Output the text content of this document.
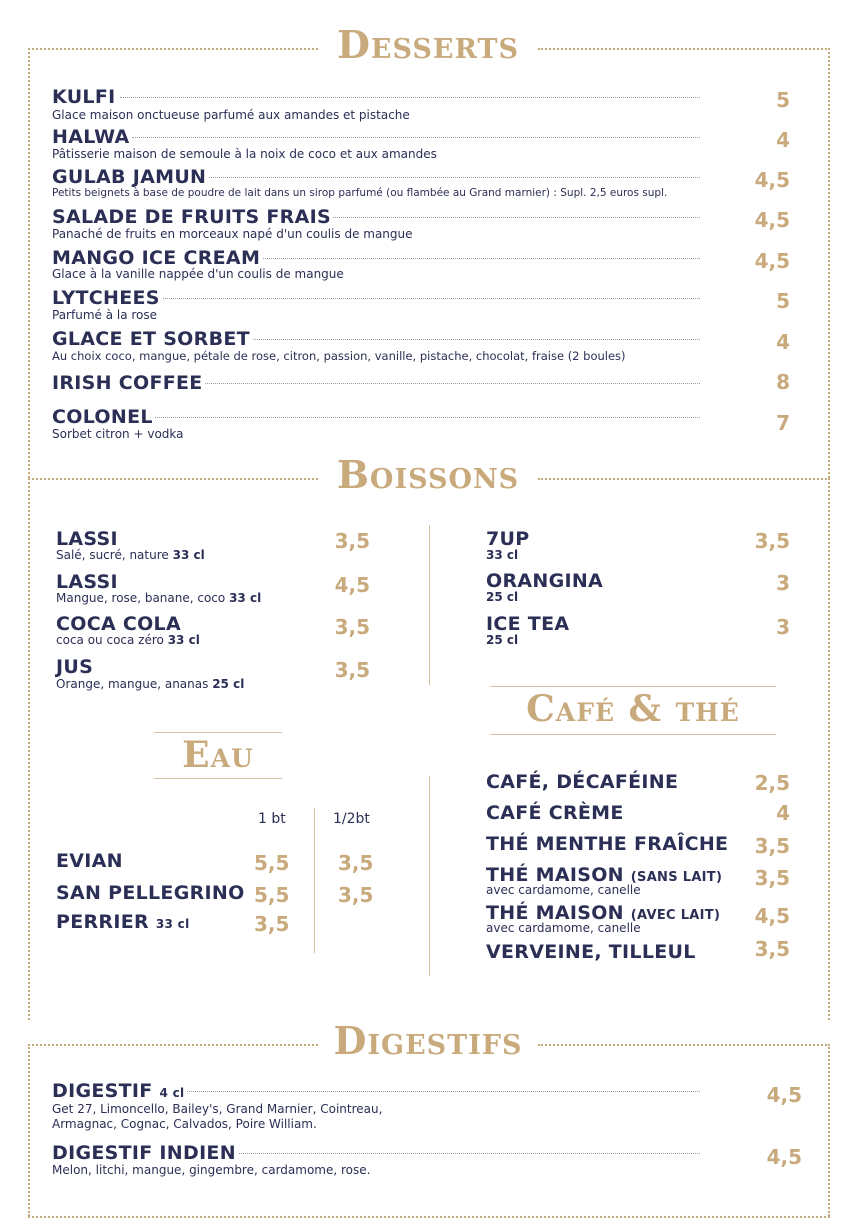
Desserts
KULFI
Glace maison onctueuse parfumé aux amandes et pistache
5
HALWA
Pâtisserie maison de semoule à la noix de coco et aux amandes
4
GULAB JAMUN
Petits beignets à base de poudre de lait dans un sirop parfumé (ou flambée au Grand marnier) : Supl. 2,5 euros supl.
4,5
SALADE DE FRUITS FRAIS
Panaché de fruits en morceaux napé d'un coulis de mangue
4,5
MANGO ICE CREAM
Glace à la vanille nappée d'un coulis de mangue
4,5
LYTCHEES
Parfumé à la rose
5
GLACE ET SORBET
Au choix coco, mangue, pétale de rose, citron, passion, vanille, pistache, chocolat, fraise (2 boules)
4
IRISH COFFEE	8
COLONEL
Sorbet citron + vodka	7
Boissons
LASSI
Salé, sucré, nature 33 cl
3,5
LASSI
Mangue, rose, banane, coco 33 cl
4,5
COCA COLA
coca ou coca zéro 33 cl
3,5
JUS
Orange, mangue, ananas 25 cl
3,5
7UP
33 cl
3,5
ORANGINA
25 cl
3
ICE TEA
25 cl
3
Café & thé
CAFÉ, DÉCAFÉINE	2,5
CAFÉ CRÈME	4
THÉ MENTHE FRAÎCHE 3,5
THÉ MAISON (SANS LAIT)
avec cardamome, canelle	3,5
THÉ MAISON (AVEC LAIT)
avec cardamome, canelle	4,5
VERVEINE, TILLEUL	3,5
Eau
1 bt	1/2bt
EVIAN	5,5 3,5
SAN PELLEGRINO 5,5 3,5
PERRIER 33 cl	3,5
Digestifs
DIGESTIF 4 cl
Get 27, Limoncello, Bailey's, Grand Marnier, Cointreau,
Armagnac, Cognac, Calvados, Poire William.
4,5
DIGESTIF INDIEN
Melon, litchi, mangue, gingembre, cardamome, rose.
4,5
